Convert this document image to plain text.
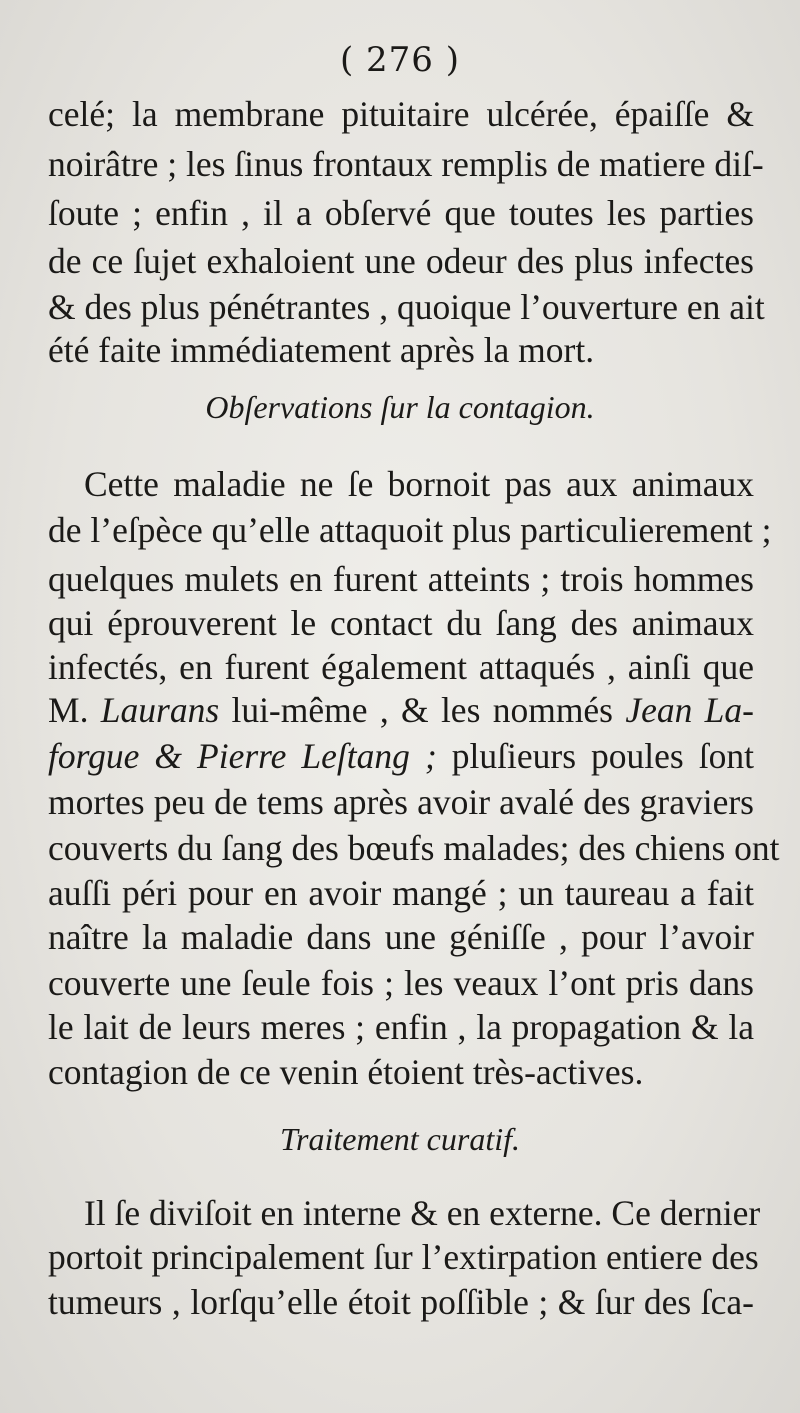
( 276 )
celé; la membrane pituitaire ulcérée, épaiſſe &
noirâtre ; les ſinus frontaux remplis de matiere diſ-
ſoute ; enfin , il a obſervé que toutes les parties
de ce ſujet exhaloient une odeur des plus infectes
& des plus pénétrantes , quoique l’ouverture en ait
été faite immédiatement après la mort.
Obſervations ſur la contagion.
Cette maladie ne ſe bornoit pas aux animaux
de l’eſpèce qu’elle attaquoit plus particulierement ;
quelques mulets en furent atteints ; trois hommes
qui éprouverent le contact du ſang des animaux
infectés, en furent également attaqués , ainſi que
M. Laurans lui-même , & les nommés Jean La-
forgue & Pierre Leſtang ; pluſieurs poules ſont
mortes peu de tems après avoir avalé des graviers
couverts du ſang des bœufs malades; des chiens ont
auſſi péri pour en avoir mangé ; un taureau a fait
naître la maladie dans une géniſſe , pour l’avoir
couverte une ſeule fois ; les veaux l’ont pris dans
le lait de leurs meres ; enfin , la propagation & la
contagion de ce venin étoient très-actives.
Traitement curatif.
Il ſe diviſoit en interne & en externe. Ce dernier
portoit principalement ſur l’extirpation entiere des
tumeurs , lorſqu’elle étoit poſſible ; & ſur des ſca-
